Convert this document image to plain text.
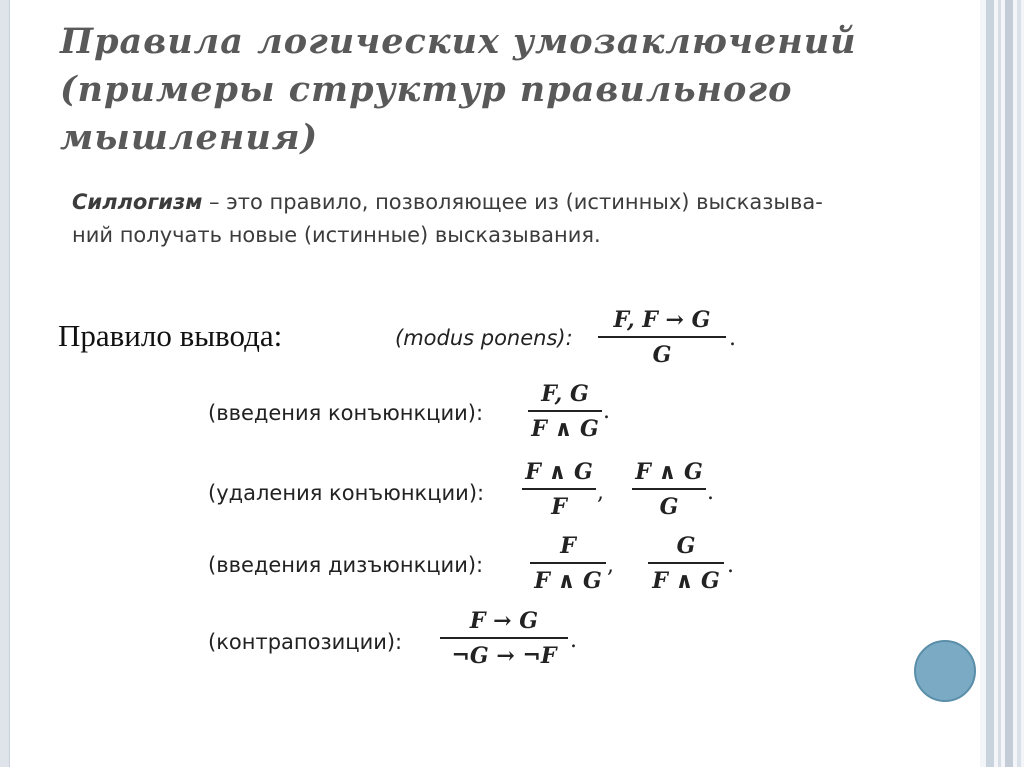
Правила логических умозаключений (примеры структур правильного мышления)

Силлогизм – это правило, позволяющее из (истинных) высказыва-
ний получать новые (истинные) высказывания.

Правило вывода:	(modus ponens):
F, F → G
G
.
(введения конъюнкции):
F, G
F ∧ G
.
(удаления конъюнкции):
F ∧ G
F
,
F ∧ G
G
.
(введения дизъюнкции):
F
F ∧ G
,
G
F ∧ G
.
(контрапозиции):
F → G
¬G → ¬F
.
